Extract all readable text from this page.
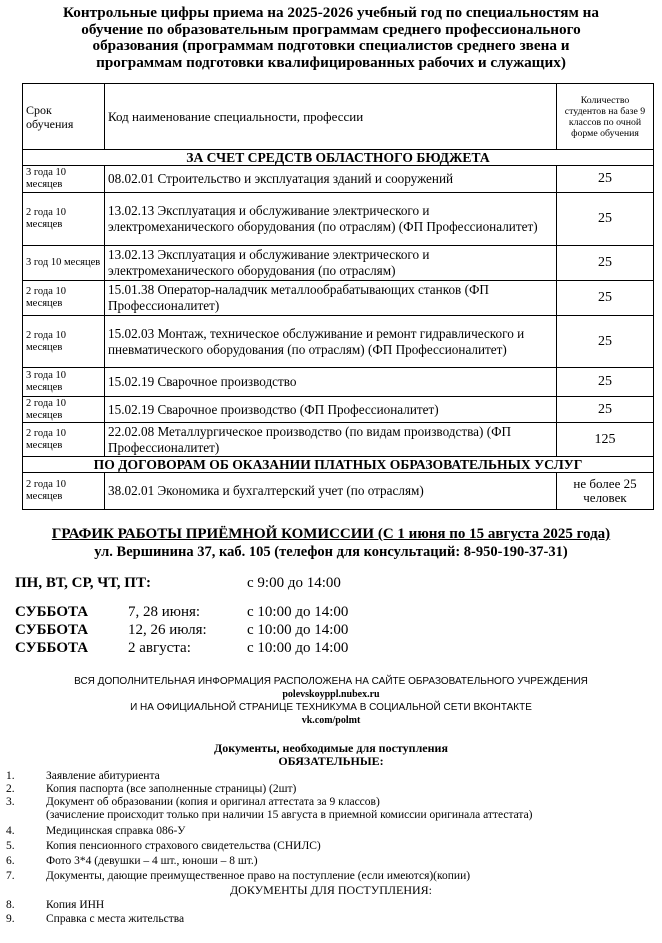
Контрольные цифры приема на 2025-2026 учебный год по специальностям на
обучение по образовательным программам среднего профессионального
образования (программам подготовки специалистов среднего звена и
программам подготовки квалифицированных рабочих и служащих)
Срок обучения	Код наименование специальности, профессии	Количество студентов на базе 9 классов по очной форме обучения
ЗА СЧЕТ СРЕДСТВ ОБЛАСТНОГО БЮДЖЕТА		
3 года 10 месяцев	08.02.01 Строительство и эксплуатация зданий и сооружений	25
2 года 10 месяцев	13.02.13 Эксплуатация и обслуживание электрического и электромеханического оборудования (по отраслям) (ФП Профессионалитет)	25
3 год 10 месяцев	13.02.13 Эксплуатация и обслуживание электрического и электромеханического оборудования (по отраслям)	25
2 года 10 месяцев	15.01.38 Оператор-наладчик металлообрабатывающих станков (ФП Профессионалитет)	25
2 года 10 месяцев	15.02.03 Монтаж, техническое обслуживание и ремонт гидравлического и пневматического оборудования (по отраслям) (ФП Профессионалитет)	25
3 года 10 месяцев	15.02.19 Сварочное производство	25
2 года 10 месяцев	15.02.19 Сварочное производство (ФП Профессионалитет)	25
2 года 10 месяцев	22.02.08 Металлургическое производство (по видам производства) (ФП Профессионалитет)	125
ПО ДОГОВОРАМ ОБ ОКАЗАНИИ ПЛАТНЫХ ОБРАЗОВАТЕЛЬНЫХ УСЛУГ		
2 года 10 месяцев	38.02.01 Экономика и бухгалтерский учет (по отраслям)	не более 25 человек
ГРАФИК РАБОТЫ ПРИЁМНОЙ КОМИССИИ (С 1 июня по 15 августа 2025 года)
ул. Вершинина 37, каб. 105 (телефон для консультаций: 8-950-190-37-31)
ПН, ВТ, СР, ЧТ, ПТ:	с 9:00 до 14:00
СУББОТА	7, 28 июня:	с 10:00 до 14:00
СУББОТА	12, 26 июля:	с 10:00 до 14:00
СУББОТА	2 августа:	с 10:00 до 14:00
ВСЯ ДОПОЛНИТЕЛЬНАЯ ИНФОРМАЦИЯ РАСПОЛОЖЕНА НА САЙТЕ ОБРАЗОВАТЕЛЬНОГО УЧРЕЖДЕНИЯ
polevskoyppl.nubex.ru
И НА ОФИЦИАЛЬНОЙ СТРАНИЦЕ ТЕХНИКУМА В СОЦИАЛЬНОЙ СЕТИ ВКОНТАКТЕ
vk.com/polmt
Документы, необходимые для поступления
ОБЯЗАТЕЛЬНЫЕ:
1.	Заявление абитуриента
2.	Копия паспорта (все заполненные страницы) (2шт)
3.	Документ об образовании (копия и оригинал аттестата за 9 классов)
(зачисление происходит только при наличии 15 августа в приемной комиссии оригинала аттестата)
4.	Медицинская справка 086-У
5.	Копия пенсионного страхового свидетельства (СНИЛС)
6.	Фото 3*4 (девушки – 4 шт., юноши – 8 шт.)
7.	Документы, дающие преимущественное право на поступление (если имеются)(копии)
ДОКУМЕНТЫ ДЛЯ ПОСТУПЛЕНИЯ:
8.	Копия ИНН
9.	Справка с места жительства
